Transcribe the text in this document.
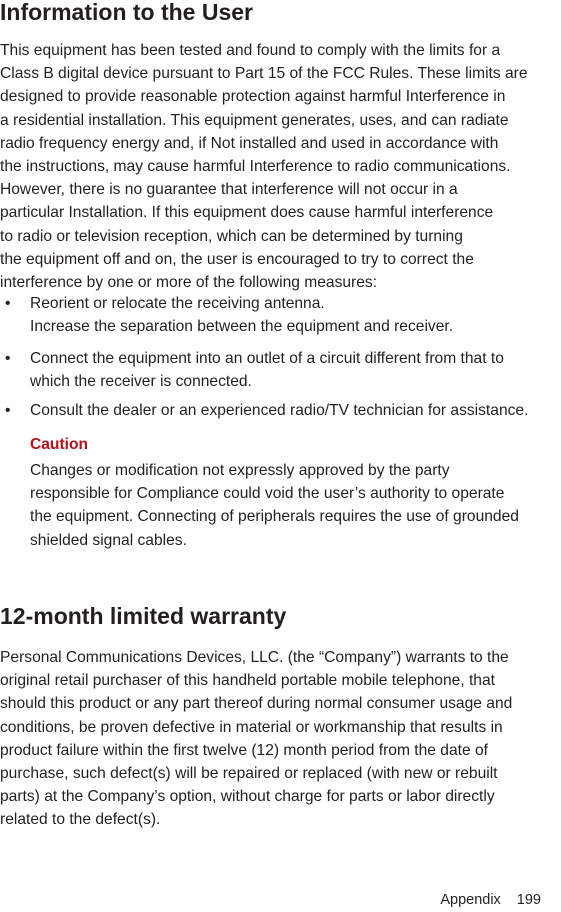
Information to the User

This equipment has been tested and found to comply with the limits for a
Class B digital device pursuant to Part 15 of the FCC Rules. These limits are
designed to provide reasonable protection against harmful Interference in
a residential installation. This equipment generates, uses, and can radiate
radio frequency energy and, if Not installed and used in accordance with
the instructions, may cause harmful Interference to radio communications.
However, there is no guarantee that interference will not occur in a
particular Installation. If this equipment does cause harmful interference
to radio or television reception, which can be determined by turning
the equipment off and on, the user is encouraged to try to correct the
interference by one or more of the following measures:

• Reorient or relocate the receiving antenna.
Increase the separation between the equipment and receiver.
• Connect the equipment into an outlet of a circuit different from that to
which the receiver is connected.
• Consult the dealer or an experienced radio/TV technician for assistance.

Caution

Changes or modification not expressly approved by the party
responsible for Compliance could void the user’s authority to operate
the equipment. Connecting of peripherals requires the use of grounded
shielded signal cables.

12-month limited warranty

Personal Communications Devices, LLC. (the “Company”) warrants to the
original retail purchaser of this handheld portable mobile telephone, that
should this product or any part thereof during normal consumer usage and
conditions, be proven defective in material or workmanship that results in
product failure within the first twelve (12) month period from the date of
purchase, such defect(s) will be repaired or replaced (with new or rebuilt
parts) at the Company’s option, without charge for parts or labor directly
related to the defect(s).

Appendix 199
